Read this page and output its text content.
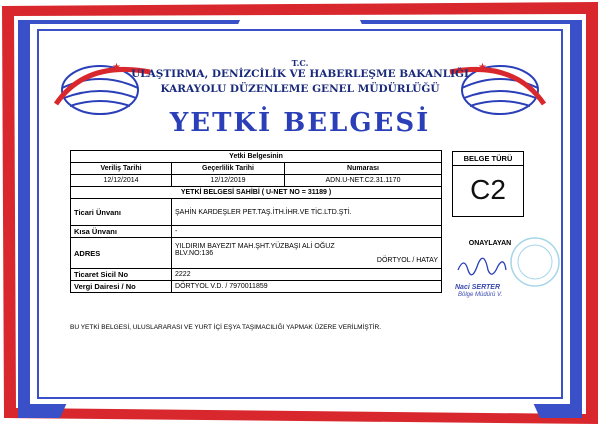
★	★
T.C.
ULAŞTIRMA, DENİZCİLİK VE HABERLEŞME BAKANLIĞI
KARAYOLU DÜZENLEME GENEL MÜDÜRLÜĞÜ
YETKİ BELGESİ
Yetki Belgesinin		
Veriliş Tarihi	Geçerlilik Tarihi	Numarası
12/12/2014	12/12/2019	ADN.U-NET.C2.31.1170
YETKİ BELGESİ SAHİBİ ( U-NET NO = 31189 )		
Ticari Ünvanı	ŞAHİN KARDEŞLER PET.TAŞ.İTH.İHR.VE TİC.LTD.ŞTİ.	
Kısa Ünvanı	-	
ADRES	YILDIRIM BAYEZIT MAH.ŞHT.YÜZBAŞI ALİ OĞUZ
BLV.NO:136
DÖRTYOL / HATAY	

Ticaret Sicil No	2222	
Vergi Dairesi / No	DÖRTYOL V.D. / 7970011859	
BELGE TÜRÜ
C2
ONAYLAYAN
Naci SERTER
Bölge Müdürü V.
BU YETKİ BELGESİ, ULUSLARARASI VE YURT İÇİ EŞYA TAŞIMACILIĞI YAPMAK ÜZERE VERİLMİŞTİR.
